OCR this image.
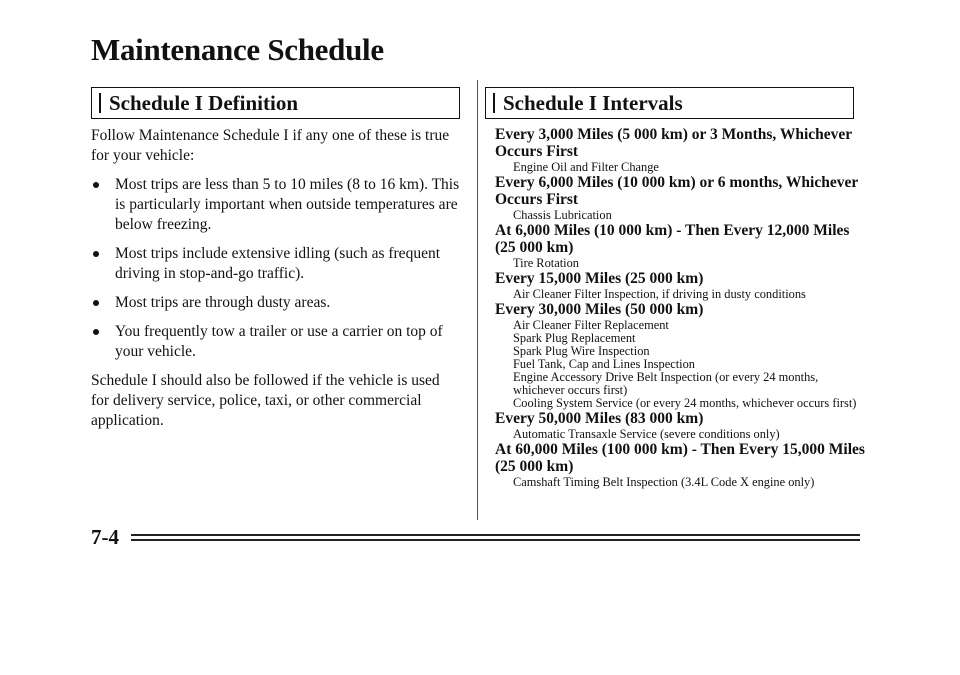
Maintenance Schedule
Schedule I Definition

Follow Maintenance Schedule I if any one of these is true for your vehicle:

Most trips are less than 5 to 10 miles (8 to 16 km). This is particularly important when outside temperatures are below freezing.
Most trips include extensive idling (such as frequent driving in stop-and-go traffic).
Most trips are through dusty areas.
You frequently tow a trailer or use a carrier on top of your vehicle.

Schedule I should also be followed if the vehicle is used for delivery service, police, taxi, or other commercial application.

Schedule I Intervals
Every 3,000 Miles (5 000 km) or 3 Months, Whichever Occurs First
Engine Oil and Filter Change
Every 6,000 Miles (10 000 km) or 6 months, Whichever Occurs First
Chassis Lubrication
At 6,000 Miles (10 000 km) - Then Every 12,000 Miles (25 000 km)
Tire Rotation
Every 15,000 Miles (25 000 km)
Air Cleaner Filter Inspection, if driving in dusty conditions
Every 30,000 Miles (50 000 km)
Air Cleaner Filter Replacement
Spark Plug Replacement
Spark Plug Wire Inspection
Fuel Tank, Cap and Lines Inspection
Engine Accessory Drive Belt Inspection (or every 24 months, whichever occurs first)
Cooling System Service (or every 24 months, whichever occurs first)
Every 50,000 Miles (83 000 km)
Automatic Transaxle Service (severe conditions only)
At 60,000 Miles (100 000 km) - Then Every 15,000 Miles (25 000 km)
Camshaft Timing Belt Inspection (3.4L Code X engine only)
7-4
